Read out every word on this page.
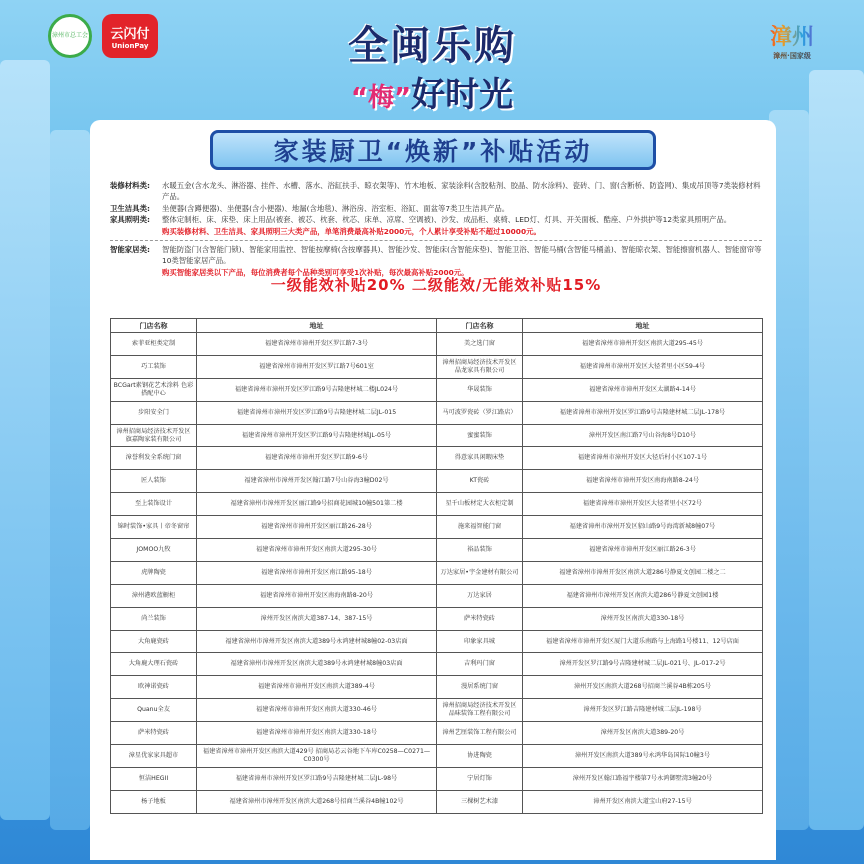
漳州市总工会	云闪付
UnionPay	漳州
漳州·国家级
全闽乐购
“梅”好时光
家装厨卫“焕新”补贴活动
装修材料类:	水暖五金(含水龙头、淋浴器、挂件、水槽、落水、浴缸扶手、晾衣架等)、竹木地板、家装涂料(含胶粘剂、胶晶、防水涂料)、瓷砖、门、窗(含断桥、防盗网)、集成吊顶等7类装修材料产品。
卫生洁具类:	坐便器(含蹲便器)、坐便器(含小便器)、地漏(含地毯)、淋浴房、浴室柜、浴缸、面盆等7类卫生洁具产品。
家具照明类:	整体定制柜、床、床垫、床上用品(被套、被芯、枕套、枕芯、床单、凉席、空调被)、沙发、成品柜、桌椅、LED灯、灯具、开关面板、酷座、户外拱护等12类家具照明产品。
购买装修材料、卫生洁具、家具照明三大类产品，单笔消费最高补贴2000元，个人累计享受补贴不超过10000元。
智能家居类:	智能防盗门(含智能门锁)、智能家用监控、智能按摩椅(含按摩器具)、智能沙发、智能床(含智能床垫)、智能卫浴、智能马桶(含智能马桶盖)、智能晾衣架、智能擦窗机器人、智能窗帘等10类智能家居产品。
购买智能家居类以下产品，每位消费者每个品种类别可享受1次补贴，每次最高补贴2000元。
一级能效补贴20% 二级能效/无能效补贴15%
门店名称	地址	门店名称	地址
索菲亚柜类定制	福建省漳州市漳州开发区罗江路7-3号	美之选门窗	福建省漳州市漳州开发区南滨大道295-45号
巧工装饰	福建省漳州市漳州开发区罗江路7号601室	漳州招商局经济技术开发区 晶龙家具有限公司	福建省漳州市漳州开发区大径者里小区59-4号
BCGart素钢花艺术涂料 色彩搭配中心	福建省漳州市漳州开发区罗江路9号吉隆建材城二楼JL024号	华晟装饰	福建省漳州市漳州开发区太湖路4-14号
步阳安全门	福建省漳州市漳州开发区罗江路9号吉隆建材城二层JL-015	马可波罗瓷砖（罗江路店）	福建省漳州市漳州开发区罗江路9号吉隆建材城二层JL-178号
漳州招商局经济技术开发区 旗嘉陶家装有限公司	福建省漳州市漳州开发区罗江路9号吉隆建材城JL-05号	蜜蜜装饰	漳州开发区南江路7号山谷海8号D10号
漳誉利发全系统门窗	福建省漳州市漳州开发区罗江路9-6号	得意家具闲暇床垫	福建省漳州市漳州开发区大径后村小区107-1号
匠人装饰	福建省漳州市漳州开发区翰江路7号山谷海3幢D02号	KT瓷砖	福建省漳州市漳州开发区南海南路8-24号
至上装饰设计	福建省漳州市漳州开发区丽江路9号招商花园城10幢501第二楼	星千山板材定大衣柜定制	福建省漳州市漳州开发区大径者里小区72号
锦时装饰•家具丨帝冬窗帘	福建省漳州市漳州开发区丽江路26-28号	施来福智能门窗	福建省漳州市漳州开发区貂山路9号海湾新城8幢07号
JOMOO九牧	福建省漳州市漳州开发区南滨大道295-30号	裕品装饰	福建省漳州市漳州开发区丽江路26-3号
虎牌陶瓷	福建省漳州市漳州开发区南江路95-18号	万达家居•宇金建材有限公司	福建省漳州市漳州开发区南滨大道286号静夏文创园二楼之二
漳州港欧蓝橱柜	福建省漳州市漳州开发区南海南路8-20号	万达家居	福建省漳州市漳州开发区南滨大道286号静夏文创园1楼
尚兰装饰	漳州开发区南滨大道387-14、387-15号	萨米特瓷砖	漳州开发区南滨大道330-18号
大角鹿瓷砖	福建省漳州市漳州开发区南滨大道389号永鸿建材城8幢02-03店面	印象家具城	福建省漳州市漳州开发区厦门大道乐南路与上海路1号楼11、12号店面
大角鹿大理石瓷砖	福建省漳州市漳州开发区南滨大道389号永鸿建材城8幢03店面	吉利玛门窗	漳州开发区罗江路9号吉隆建材城二层JL-021号、JL-017-2号
欧神诺瓷砖	福建省漳州市漳州开发区南滨大道389-4号	漫居系统门窗	漳州开发区南滨大道268号招商兰溪谷4B栋205号
Quanu全友	福建省漳州市漳州开发区南滨大道330-46号	漳州招商局经济技术开发区 品味装饰工程有限公司	漳州开发区罗江路吉隆建材城二层JL-198号
萨米特瓷砖	福建省漳州市漳州开发区南滨大道330-18号	漳州艺厘装饰工程有限公司	漳州开发区南滨大道389-20号
漳星优家家具超市	福建省漳州市漳州开发区南滨大道429号 招商局芯云谷地下车库C0258—C0271—C0300号	协进陶瓷	漳州开发区南滨大道389号永鸿华岛国际10幢3号
恒洁HEGII	福建省漳州市漳州开发区罗江路9号吉隆建材城二层JL-98号	宁居灯饰	漳州开发区翰江路福宇楼第7号永鸿御墅湾3幢20号
杨子地板	福建省漳州市漳州开发区南滨大道268号招商兰溪谷4B幢102号	三棵树艺术漆	漳州开发区南滨大道宝山府27-15号
